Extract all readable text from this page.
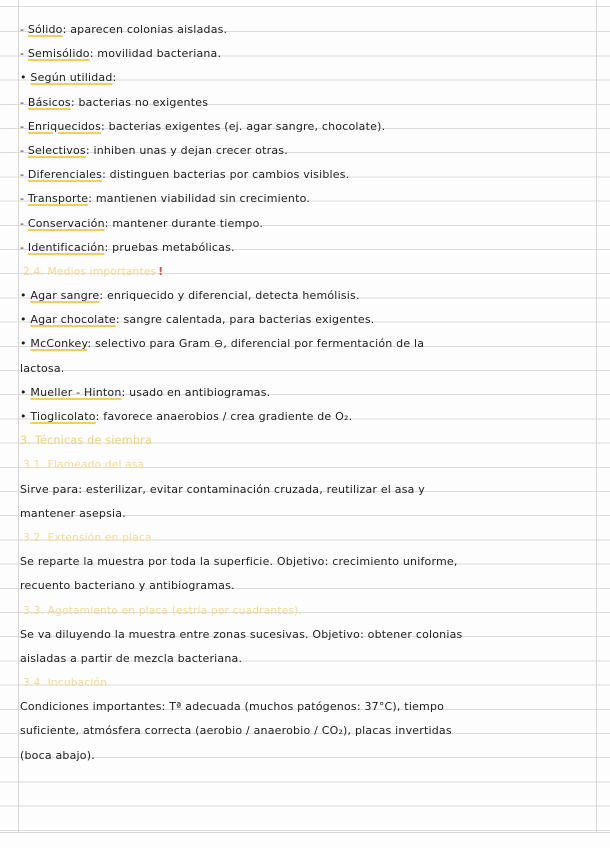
- Sólido: aparecen colonias aisladas.
- Semisólido: movilidad bacteriana.
• Según utilidad:
- Básicos: bacterias no exigentes
- Enriquecidos: bacterias exigentes (ej. agar sangre, chocolate).
- Selectivos: inhiben unas y dejan crecer otras.
- Diferenciales: distinguen bacterias por cambios visibles.
- Transporte: mantienen viabilidad sin crecimiento.
- Conservación: mantener durante tiempo.
- Identificación: pruebas metabólicas.
2.4. Medios importantes !
• Agar sangre: enriquecido y diferencial, detecta hemólisis.
• Agar chocolate: sangre calentada, para bacterias exigentes.
• McConkey: selectivo para Gram ⊖, diferencial por fermentación de la
lactosa.
• Mueller - Hinton: usado en antibiogramas.
• Tioglicolato: favorece anaerobios / crea gradiente de O₂.
3. Técnicas de siembra
3.1. Flameado del asa
Sirve para: esterilizar, evitar contaminación cruzada, reutilizar el asa y
mantener asepsia.
3.2. Extensión en placa
Se reparte la muestra por toda la superficie. Objetivo: crecimiento uniforme,
recuento bacteriano y antibiogramas.
3.3. Agotamiento en placa (estría por cuadrantes).
Se va diluyendo la muestra entre zonas sucesivas. Objetivo: obtener colonias
aisladas a partir de mezcla bacteriana.
3.4. Incubación
Condiciones importantes: Tª adecuada (muchos patógenos: 37°C), tiempo
suficiente, atmósfera correcta (aerobio / anaerobio / CO₂), placas invertidas
(boca abajo).
